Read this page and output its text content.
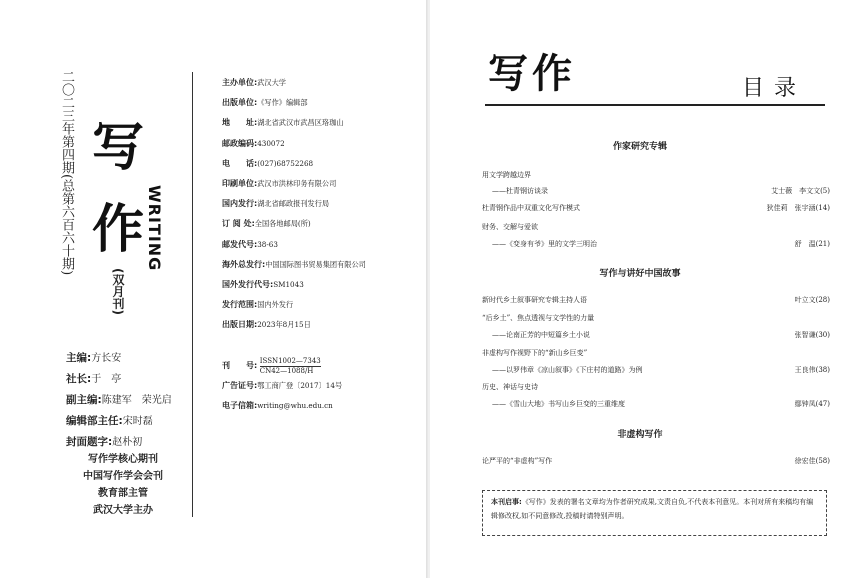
二〇二三年第四期(总第六百六十期) 写
作 WRITING
(双月刊)
主编:方长安
社长:于　亭
副主编:陈建军　荣光启
编辑部主任:宋时磊
封面题字:赵朴初
写作学核心期刊
中国写作学会会刊
教育部主管
武汉大学主办
主办单位:武汉大学
出版单位:《写作》编辑部
地　　址:湖北省武汉市武昌区珞珈山
邮政编码:430072
电　　话:(027)68752268
印刷单位:武汉市洪林印务有限公司
国内发行:湖北省邮政报刊发行局
订 阅 处:全国各地邮局(所)
邮发代号:38-63
海外总发行:中国国际图书贸易集团有限公司
国外发行代号:SM1043
发行范围:国内外发行
出版日期:2023年8月15日
刊　　号:
ISSN1002—7343
CN42—1088/H
广告证号:鄂工商广登〔2017〕14号
电子信箱:writing@whu.edu.cn
写作	目录
作家研究专辑
用文学跨越边界
——杜青钢访谈录	艾士薇　李文文(5)
杜青钢作品中双重文化写作模式	狄佳莉　张宇涵(14)
财务、交解与爱欲
——《变身有爷》里的文学三明治	舒　温(21)
写作与讲好中国故事
新时代乡土叙事研究专辑主持人语	叶立文(28)
“后乡土”、焦点透视与文学性的力量
——论南正芳的中短篇乡土小说	张智谦(30)
非虚构写作视野下的“新山乡巨变”
——以罗伟章《凉山叙事》《下庄村的道路》为例	王良伟(38)
历史、神话与史诗
——《雪山大地》书写山乡巨变的三重维度	鄢钟凤(47)
非虚构写作
论严平的“非虚构”写作	徐宏佳(58)
本刊启事:《写作》发表的署名文章均为作者研究成果,文责自负,不代表本刊意见。本刊对所有来稿均有编辑修改权,如不同意修改,投稿时请特别声明。
